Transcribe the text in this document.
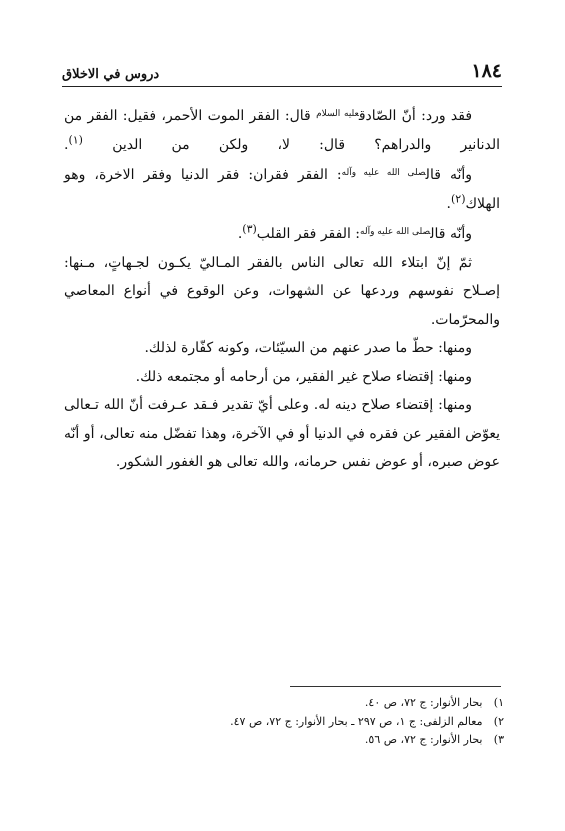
١٨٤
دروس في الاخلاق

فقد ورد: أنّ الصّادق$^{عليه السلام}$ قال: الفقر الموت الأحمر، فقيل: الفقر من الدنانير والدراهم؟ قال: لا، ولكن من الدين $^{(١)}$.

وأنّه قال$^{صلى الله عليه وآله}$: الفقر فقران: فقر الدنيا وفقر الاخرة، وهو الهلاك$^{(٢)}$.

وأنّه قال$^{صلى الله عليه وآله}$: الفقر فقر القلب$^{(٣)}$.

ثمّ إنّ ابتلاء الله تعالى الناس بالفقر المـاليّ يكـون لجـهاتٍ، مـنها: إصـلاح نفوسهم وردعها عن الشهوات، وعن الوقوع في أنواع المعاصي والمحرّمات.

ومنها: حطّ ما صدر عنهم من السيّئات، وكونه كفّارة لذلك.

ومنها: إقتضاء صلاح غير الفقير، من أرحامه أو مجتمعه ذلك.

ومنها: إقتضاء صلاح دينه له. وعلى أيّ تقدير فـقد عـرفت أنّ الله تـعالى يعوّض الفقير عن فقره في الدنيا أو في الآخرة، وهذا تفضّل منه تعالى، أو أنّه عوض صبره، أو عوض نفس حرمانه، والله تعالى هو الغفور الشكور.

١) بحار الأنوار: ج ٧٢، ص ٤٠.
٢) معالم الزلفى: ج ١، ص ٢٩٧ ـ بحار الأنوار: ج ٧٢، ص ٤٧.
٣) بحار الأنوار: ج ٧٢، ص ٥٦.
